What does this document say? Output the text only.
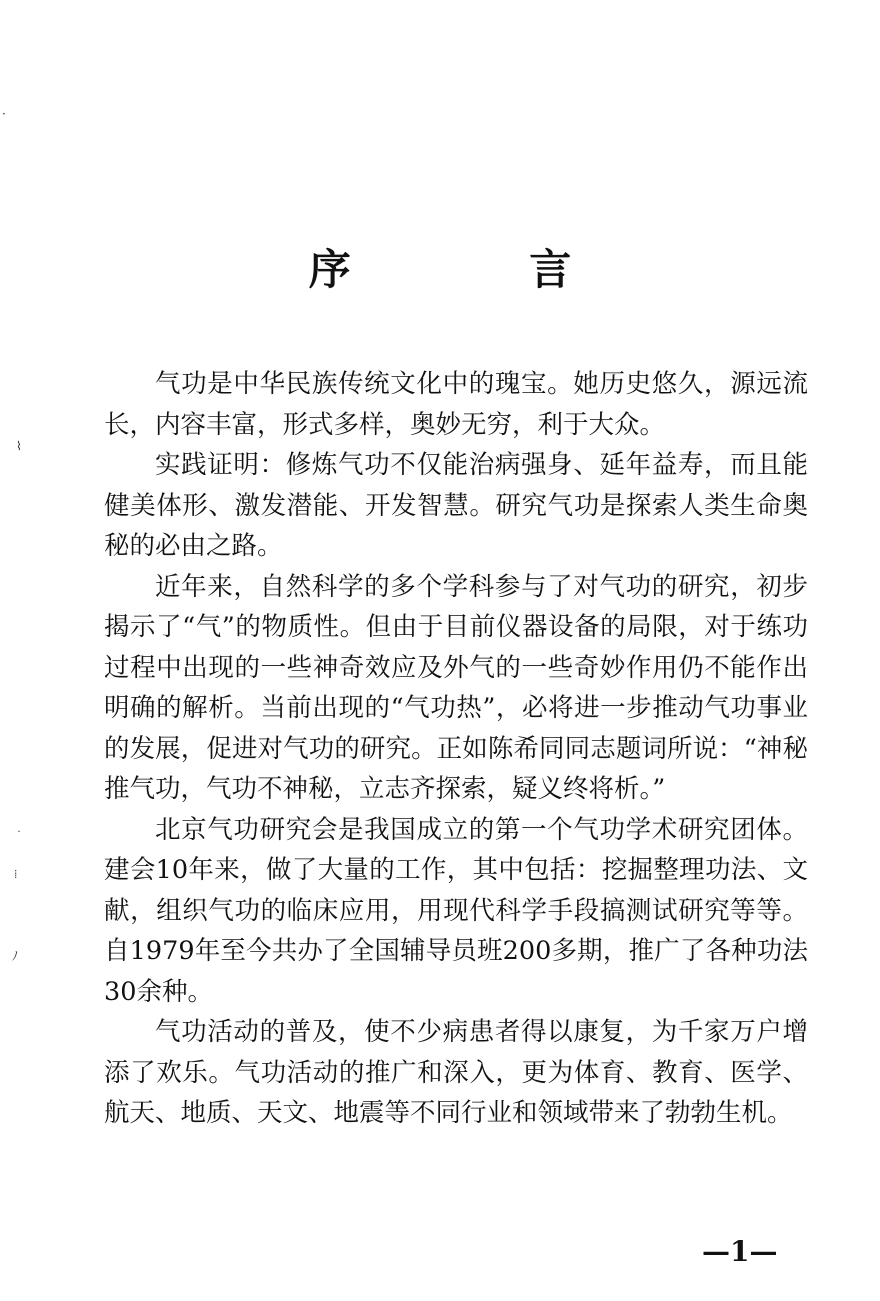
·
⌇
˙
⁞
ﾉ
序 言

气功是中华民族传统文化中的瑰宝。她历史悠久，源远流长，内容丰富，形式多样，奥妙无穷，利于大众。

实践证明：修炼气功不仅能治病强身、延年益寿，而且能健美体形、激发潜能、开发智慧。研究气功是探索人类生命奥秘的必由之路。

近年来，自然科学的多个学科参与了对气功的研究，初步揭示了“气”的物质性。但由于目前仪器设备的局限，对于练功过程中出现的一些神奇效应及外气的一些奇妙作用仍不能作出明确的解析。当前出现的“气功热”，必将进一步推动气功事业的发展，促进对气功的研究。正如陈希同同志题词所说：“神秘推气功，气功不神秘，立志齐探索，疑义终将析。”

北京气功研究会是我国成立的第一个气功学术研究团体。建会10年来，做了大量的工作，其中包括：挖掘整理功法、文献，组织气功的临床应用，用现代科学手段搞测试研究等等。自1979年至今共办了全国辅导员班200多期，推广了各种功法30余种。

气功活动的普及，使不少病患者得以康复，为千家万户增添了欢乐。气功活动的推广和深入，更为体育、教育、医学、航天、地质、天文、地震等不同行业和领域带来了勃勃生机。

—1—
